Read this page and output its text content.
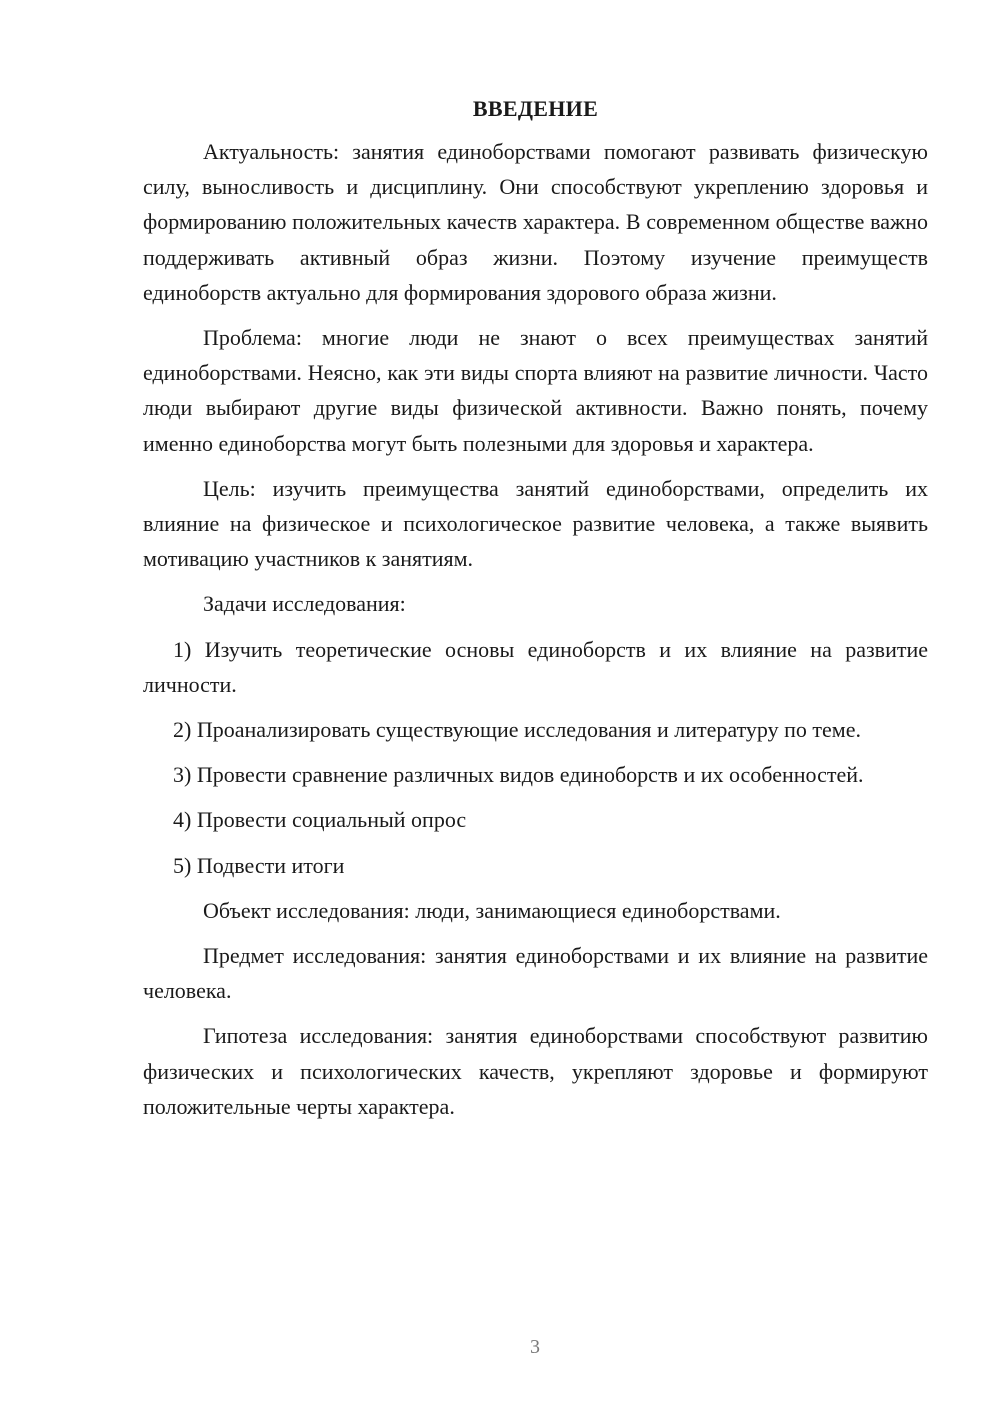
ВВЕДЕНИЕ

Актуальность: занятия единоборствами помогают развивать физическую силу, выносливость и дисциплину. Они способствуют укреплению здоровья и формированию положительных качеств характера. В современном обществе важно поддерживать активный образ жизни. Поэтому изучение преимуществ единоборств актуально для формирования здорового образа жизни.

Проблема: многие люди не знают о всех преимуществах занятий единоборствами. Неясно, как эти виды спорта влияют на развитие личности. Часто люди выбирают другие виды физической активности. Важно понять, почему именно единоборства могут быть полезными для здоровья и характера.

Цель: изучить преимущества занятий единоборствами, определить их влияние на физическое и психологическое развитие человека, а также выявить мотивацию участников к занятиям.

Задачи исследования:

1) Изучить теоретические основы единоборств и их влияние на развитие личности.

2) Проанализировать существующие исследования и литературу по теме.

3) Провести сравнение различных видов единоборств и их особенностей.

4) Провести социальный опрос

5) Подвести итоги

Объект исследования: люди, занимающиеся единоборствами.

Предмет исследования: занятия единоборствами и их влияние на развитие человека.

Гипотеза исследования: занятия единоборствами способствуют развитию физических и психологических качеств, укрепляют здоровье и формируют положительные черты характера.

3
